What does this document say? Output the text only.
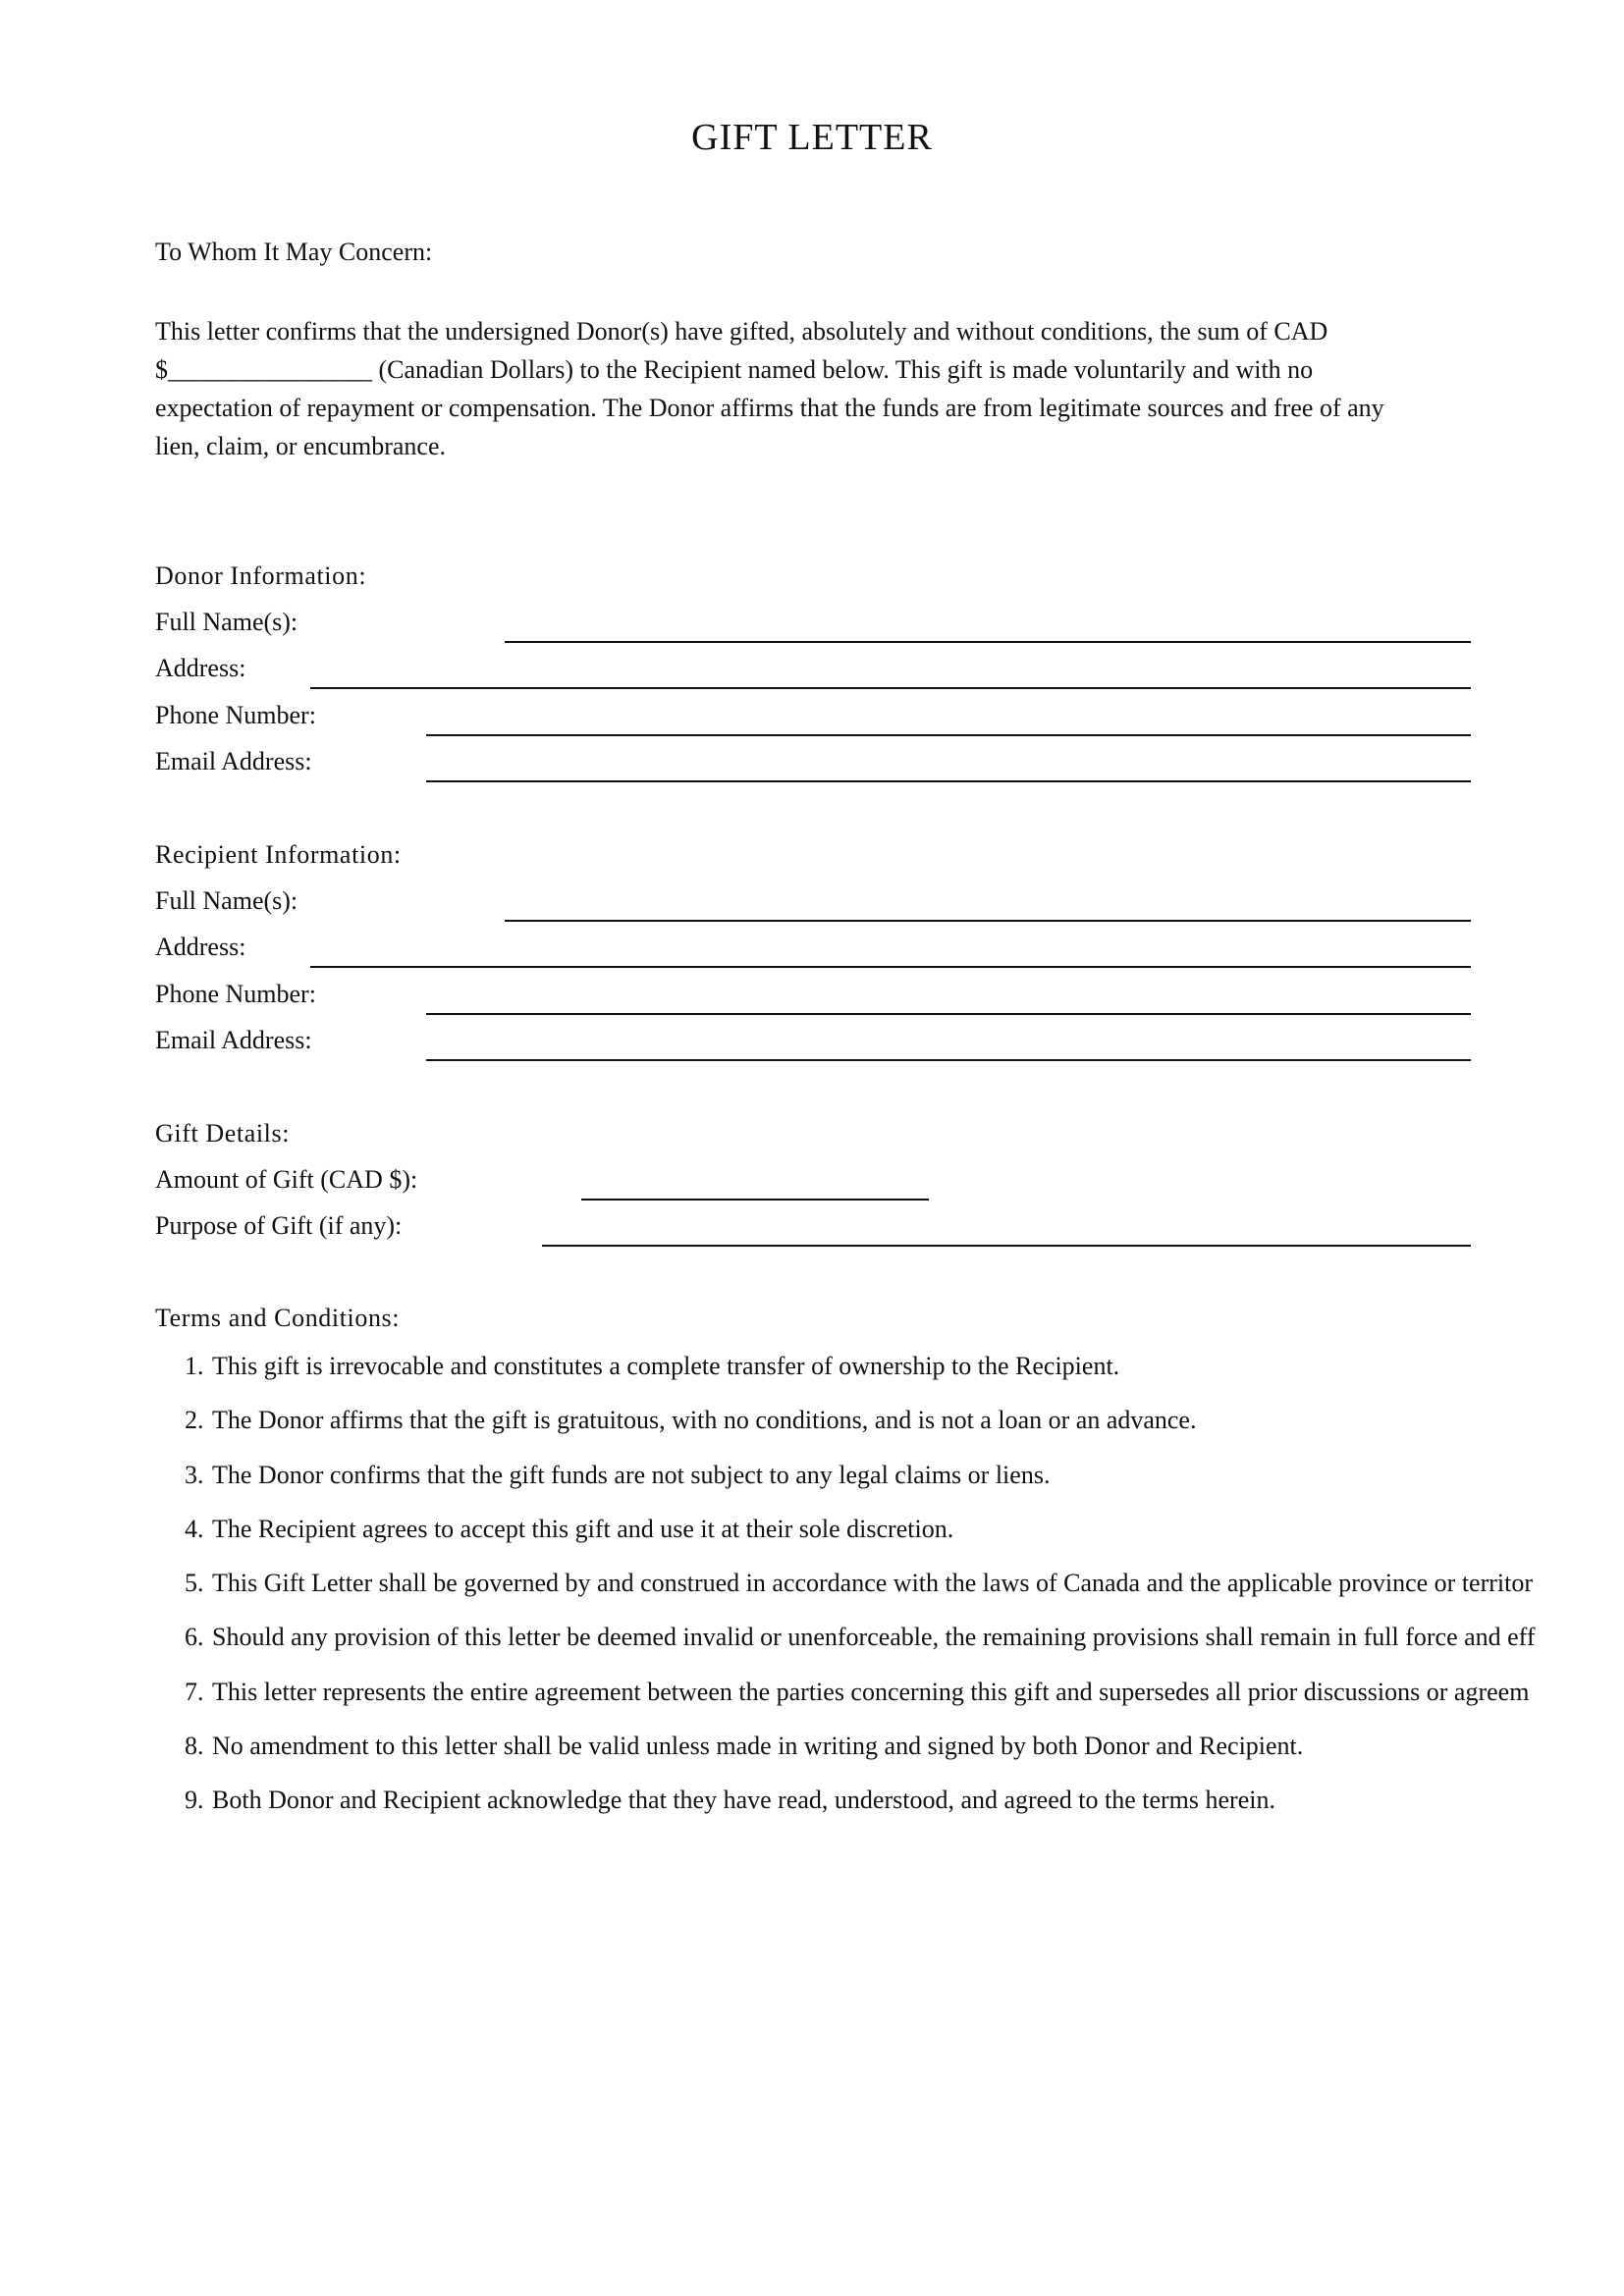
GIFT LETTER
To Whom It May Concern:
This letter confirms that the undersigned Donor(s) have gifted, absolutely and without conditions, the sum of CAD
$________________ (Canadian Dollars) to the Recipient named below. This gift is made voluntarily and with no
expectation of repayment or compensation. The Donor affirms that the funds are from legitimate sources and free of any
lien, claim, or encumbrance.
Donor Information:
Full Name(s):
Address:
Phone Number:
Email Address:
Recipient Information:
Full Name(s):
Address:
Phone Number:
Email Address:
Gift Details:
Amount of Gift (CAD $):
Purpose of Gift (if any):
Terms and Conditions:
1. This gift is irrevocable and constitutes a complete transfer of ownership to the Recipient.
2. The Donor affirms that the gift is gratuitous, with no conditions, and is not a loan or an advance.
3. The Donor confirms that the gift funds are not subject to any legal claims or liens.
4. The Recipient agrees to accept this gift and use it at their sole discretion.
5. This Gift Letter shall be governed by and construed in accordance with the laws of Canada and the applicable province or territor
6. Should any provision of this letter be deemed invalid or unenforceable, the remaining provisions shall remain in full force and eff
7. This letter represents the entire agreement between the parties concerning this gift and supersedes all prior discussions or agreem
8. No amendment to this letter shall be valid unless made in writing and signed by both Donor and Recipient.
9. Both Donor and Recipient acknowledge that they have read, understood, and agreed to the terms herein.
